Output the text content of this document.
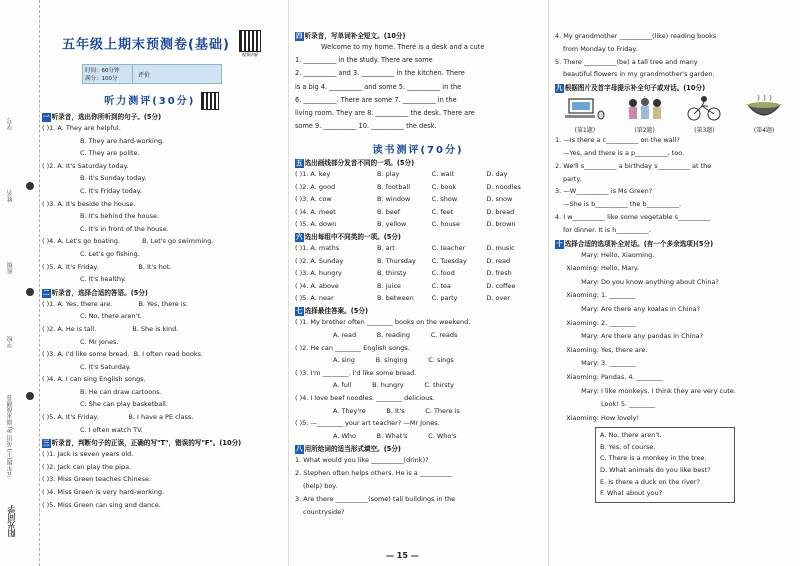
学号
姓名
班级
学校
五年级(上) 英语 RJ 期末预测卷
阳光同学
五年级上期末预测卷(基础)
视频讲解
时间：60分钟
满分：100分	评价
听力测评(30分)
一 听录音，选出你所听到的句子。(5分)
( )1. A. They are helpful.
B. They are hard-working.
C. They are polite.
( )2. A. It's Saturday today.
B. It's Sunday today.
C. It's Friday today.
( )3. A. It's beside the house.
B. It's behind the house.
C. It's in front of the house.
( )4. A. Let's go boating.	B. Let's go swimming.
C. Let's go fishing.
( )5. A. It's Friday.	B. It's hot.
C. It's healthy.
二 听录音，选择合适的答语。(5分)
( )1. A. Yes, there are.	B. Yes, there is.
C. No, there aren't.
( )2. A. He is tall.	B. She is kind.
C. Mr Jones.
( )3. A. I'd like some bread. B. I often read books.
C. It's Saturday.
( )4. A. I can sing English songs.
B. He can draw cartoons.
C. She can play basketball.
( )5. A. It's Friday.	B. I have a PE class.
C. I often watch TV.
三 听录音，判断句子的正误，正确的写"T"，错误的写"F"。(10分)
( )1. Jack is seven years old.
( )2. Jack can play the pipa.
( )3. Miss Green teaches Chinese.
( )4. Miss Green is very hard-working.
( )5. Miss Green can sing and dance.
四 听录音，写单词补全短文。(10分)
Welcome to my home. There is a desk and a cute
1. __________ in the study. There are some
2. __________ and 3. __________ in the kitchen. There
is a big 4. __________ and some 5. __________ in the
6. __________. There are some 7. __________ in the
living room. They are 8. __________ the desk. There are
some 9. __________ 10. __________ the desk.
读书测评(70分)
五 选出画线部分发音不同的一项。(5分)
( )1. A. key	B. play	C. wait	D. day
( )2. A. good	B. football	C. book	D. noodles
( )3. A. cow	B. window	C. show	D. snow
( )4. A. meet	B. beef	C. feet	D. bread
( )5. A. down	B. yellow	C. house	D. brown
六 选出每组中不同类的一项。(5分)
( )1. A. maths	B. art	C. teacher	D. music
( )2. A. Sunday	B. Thursday	C. Tuesday	D. read
( )3. A. hungry	B. thirsty	C. food	D. fresh
( )4. A. above	B. juice	C. tea	D. coffee
( )5. A. near	B. between	C. party	D. over
七 选择最佳答案。(5分)
( )1. My brother often ________ books on the weekend.
A. read          B. reading          C. reads
( )2. He can ________ English songs.
A. sing          B. singing          C. sings
( )3. I'm ________. I'd like some bread.
A. full          B. hungry          C. thirsty
( )4. I love beef noodles. ________ delicious.
A. They're          B. It's          C. There is
( )5. —________ your art teacher? —Mr Jones.
A. Who          B. What's          C. Who's
八 用所给词的适当形式填空。(5分)
1. What would you like __________(drink)?
2. Stephen often helps others. He is a __________
(help) boy.
3. Are there __________(some) tall buildings in the
countryside?
4. My grandmother __________(like) reading books
from Monday to Friday.
5. There __________(be) a tall tree and many
beautiful flowers in my grandmother's garden.
九 根据图片及首字母提示补全句子或对话。(10分)
♪
(第1题)	(第2题)	(第3题)	(第4题)
1. —Is there a c__________ on the wall?
—Yes, and there is a p__________, too.
2. We'll s__________ a birthday s__________ at the
party.
3. —W__________ is Ms Green?
—She is b__________ the b__________.
4. I w__________ like some vegetable s__________
for dinner. It is h__________.
十 选择合适的选项补全对话。(有一个多余选项)(5分)
Mary: Hello, Xiaoming.
Xiaoming: Hello, Mary.
Mary: Do you know anything about China?
Xiaoming: 1. ________
Mary: Are there any koalas in China?
Xiaoming: 2. ________
Mary: Are there any pandas in China?
Xiaoming: Yes, there are.
Mary: 3. ________
Xiaoming: Pandas. 4. ________
Mary: I like monkeys. I think they are very cute.
Look! 5. ________
Xiaoming: How lovely!
A. No, there aren't.
B. Yes, of course.
C. There is a monkey in the tree.
D. What animals do you like best?
E. Is there a duck on the river?
F. What about you?
— 15 —
